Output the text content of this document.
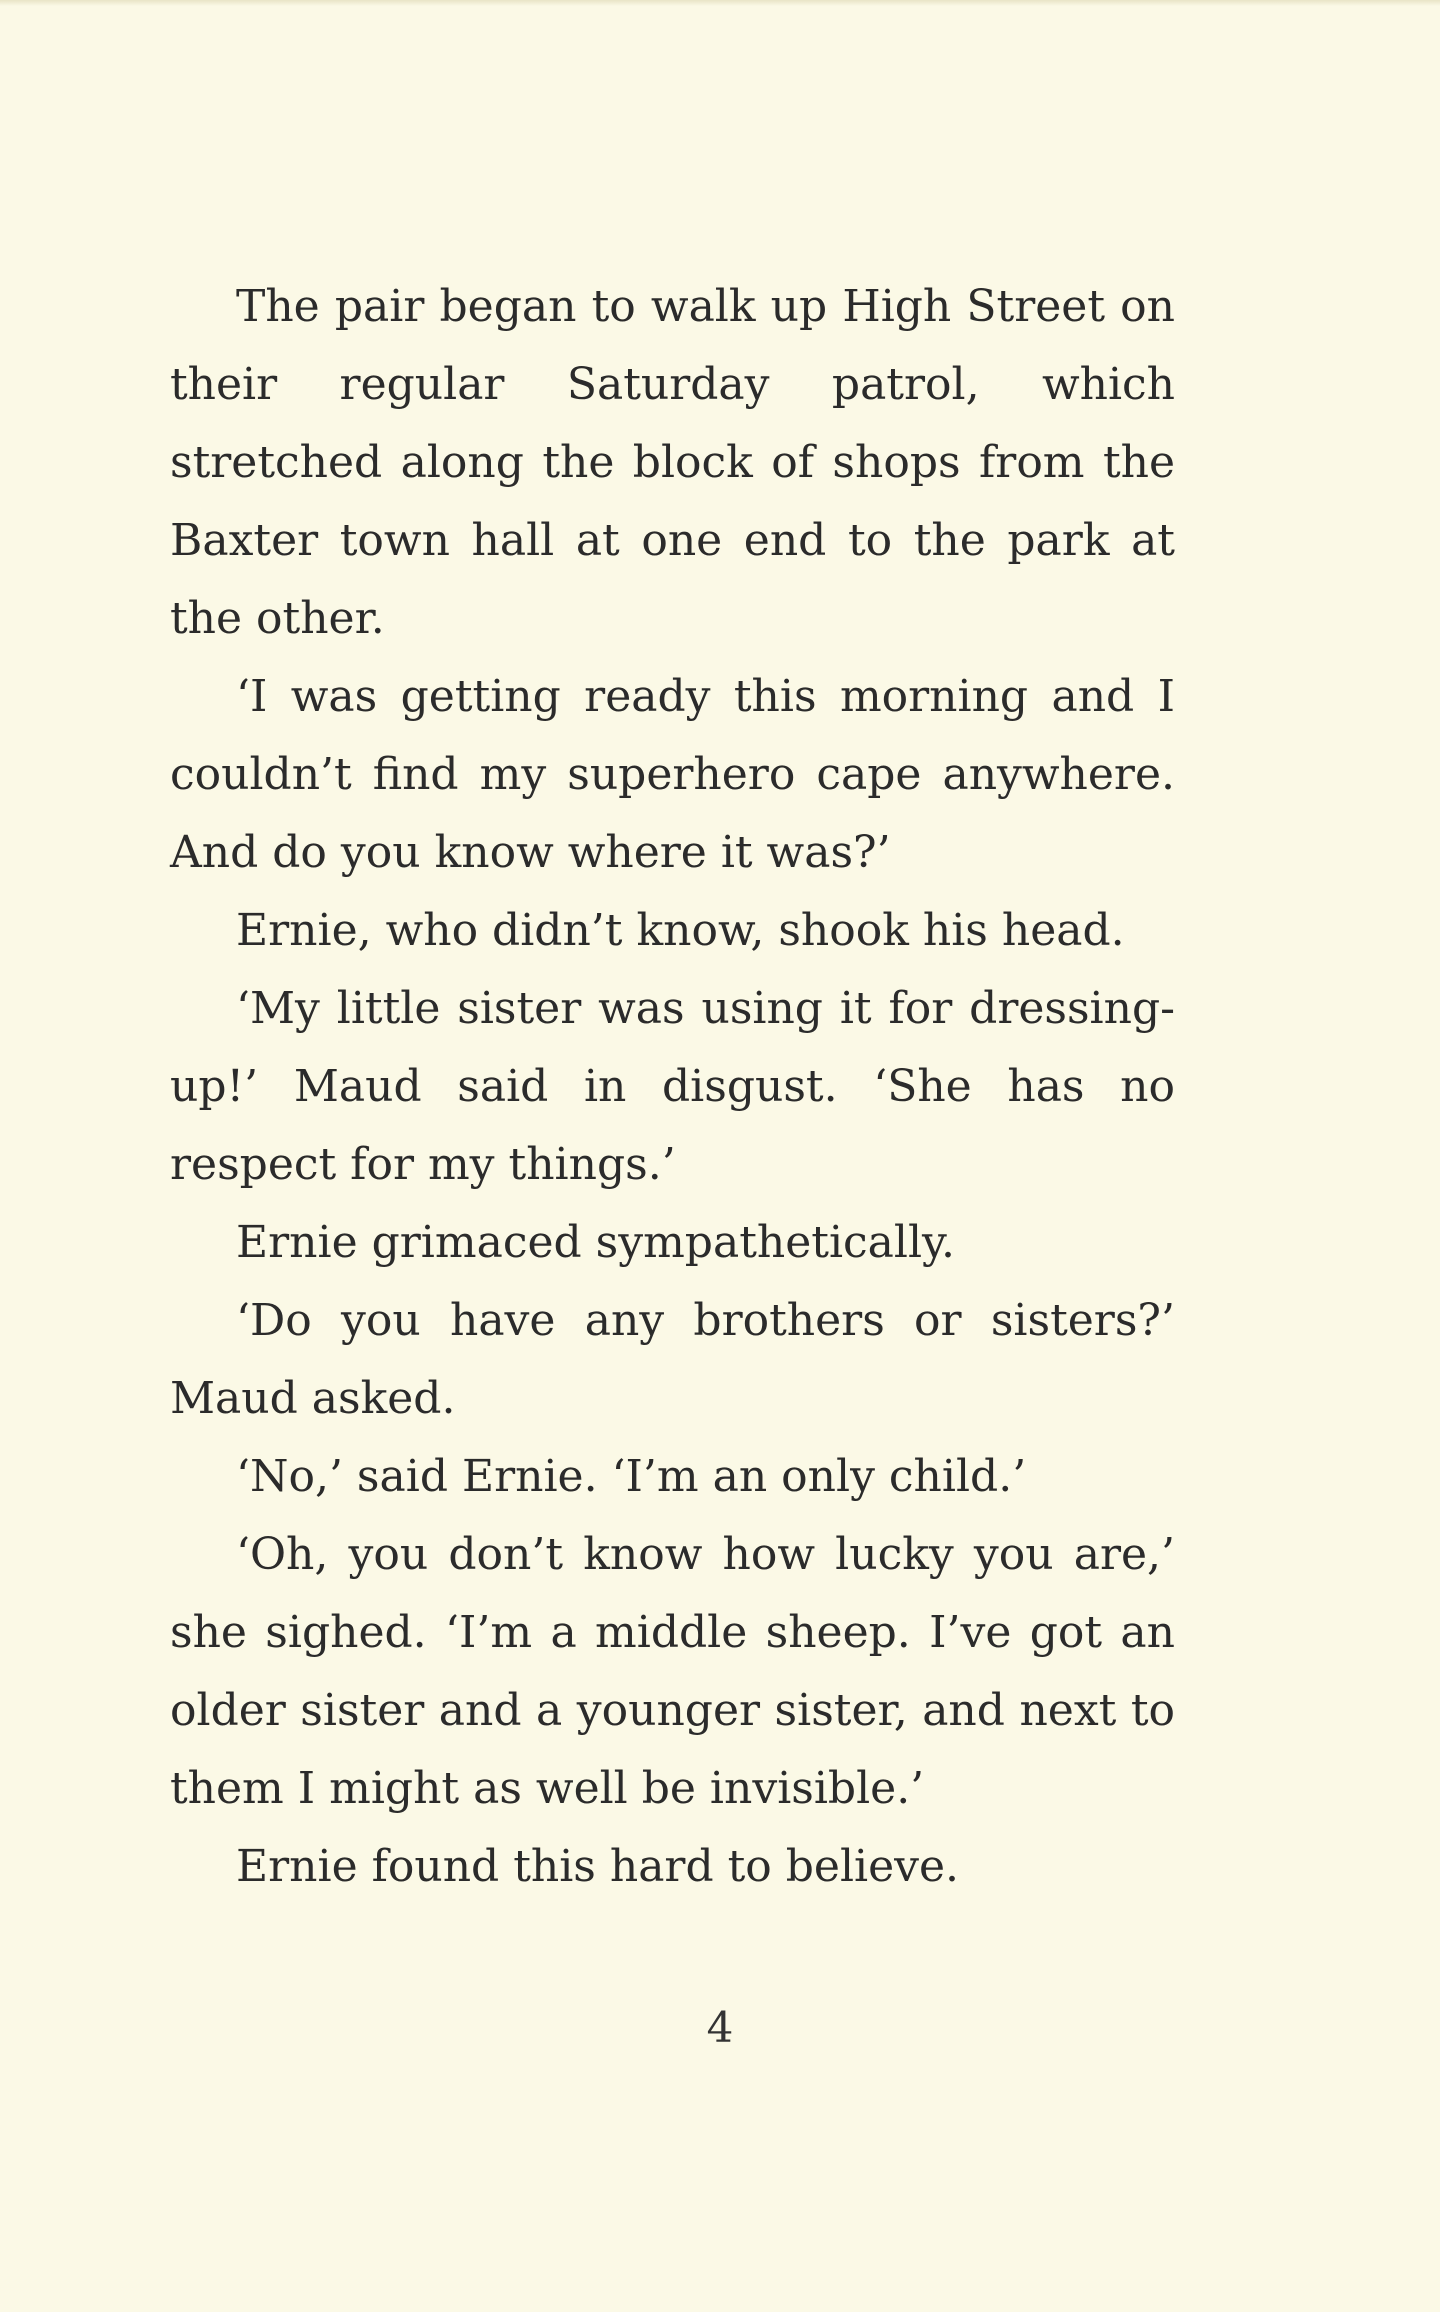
The pair began to walk up High Street on their regular Saturday patrol, which stretched along the block of shops from the Baxter town hall at one end to the park at the other.

‘I was getting ready this morning and I couldn’t find my superhero cape anywhere. And do you know where it was?’

Ernie, who didn’t know, shook his head.

‘My little sister was using it for dressing-up!’ Maud said in disgust. ‘She has no respect for my things.’

Ernie grimaced sympathetically.

‘Do you have any brothers or sisters?’ Maud asked.

‘No,’ said Ernie. ‘I’m an only child.’

‘Oh, you don’t know how lucky you are,’ she sighed. ‘I’m a middle sheep. I’ve got an older sister and a younger sister, and next to them I might as well be invisible.’

Ernie found this hard to believe.

4
